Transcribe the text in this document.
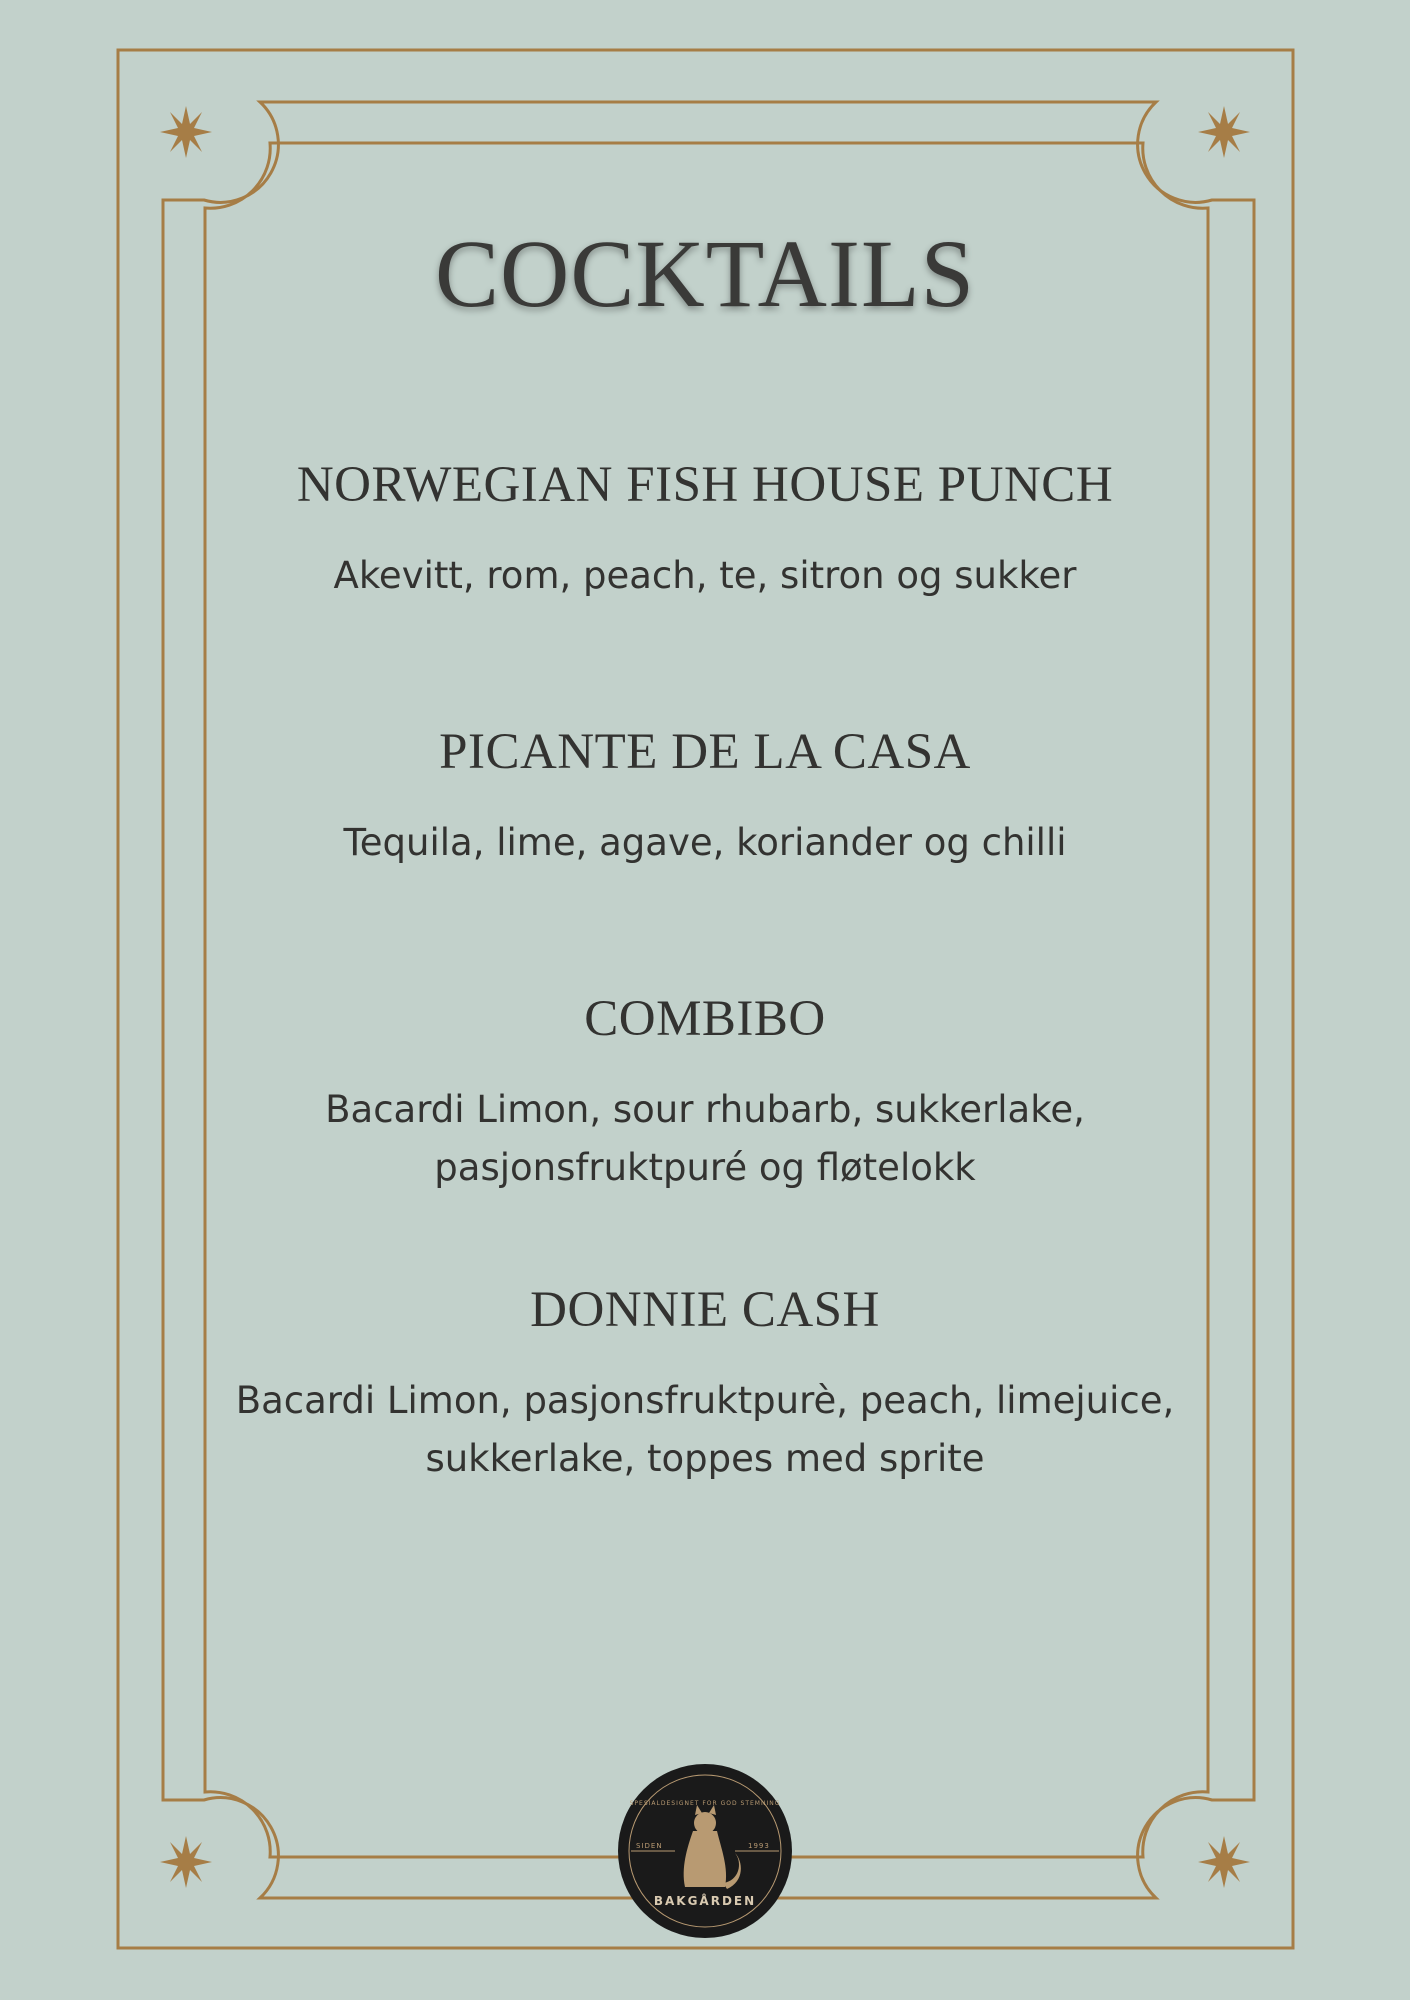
COCKTAILS
NORWEGIAN FISH HOUSE PUNCH

Akevitt, rom, peach, te, sitron og sukker

PICANTE DE LA CASA

Tequila, lime, agave, koriander og chilli

COMBIBO

Bacardi Limon, sour rhubarb, sukkerlake,

pasjonsfruktpuré og fløtelokk

DONNIE CASH

Bacardi Limon, pasjonsfruktpurè, peach, limejuice,

sukkerlake, toppes med sprite

SPESIALDESIGNET FOR GOD STEMNING

SIDEN	1993

BAKGÅRDEN
